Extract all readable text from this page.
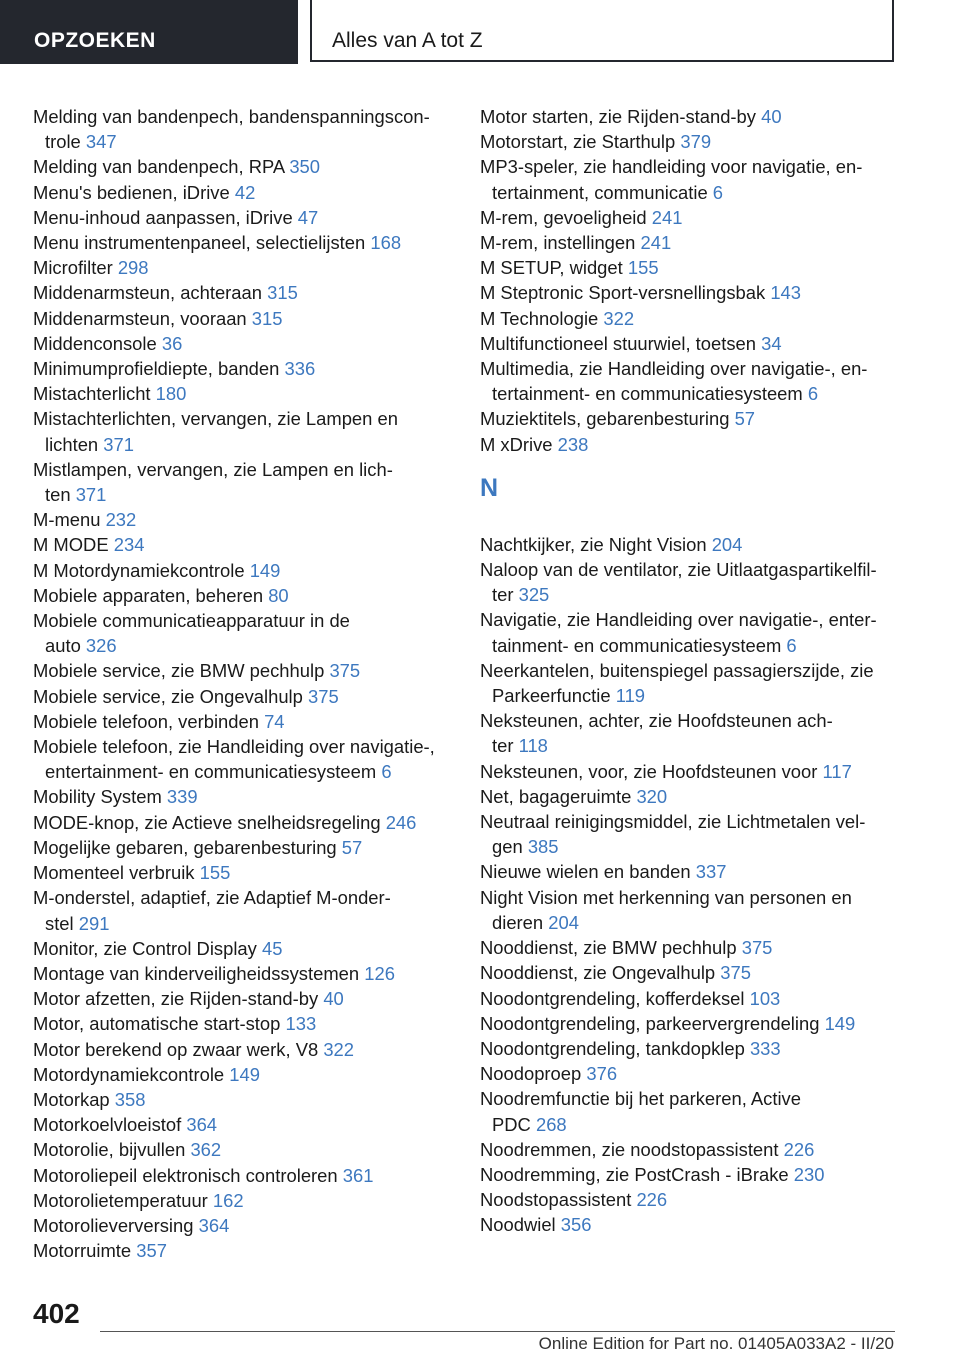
OPZOEKEN	Alles van A tot Z
Melding van bandenpech, bandenspanningscon-
trole 347
Melding van bandenpech, RPA 350
Menu's bedienen, iDrive 42
Menu-inhoud aanpassen, iDrive 47
Menu instrumentenpaneel, selectielijsten 168
Microfilter 298
Middenarmsteun, achteraan 315
Middenarmsteun, vooraan 315
Middenconsole 36
Minimumprofieldiepte, banden 336
Mistachterlicht 180
Mistachterlichten, vervangen, zie Lampen en
lichten 371
Mistlampen, vervangen, zie Lampen en lich-
ten 371
M-menu 232
M MODE 234
M Motordynamiekcontrole 149
Mobiele apparaten, beheren 80
Mobiele communicatieapparatuur in de
auto 326
Mobiele service, zie BMW pechhulp 375
Mobiele service, zie Ongevalhulp 375
Mobiele telefoon, verbinden 74
Mobiele telefoon, zie Handleiding over navigatie-,
entertainment- en communicatiesysteem 6
Mobility System 339
MODE-knop, zie Actieve snelheidsregeling 246
Mogelijke gebaren, gebarenbesturing 57
Momenteel verbruik 155
M-onderstel, adaptief, zie Adaptief M-onder-
stel 291
Monitor, zie Control Display 45
Montage van kinderveiligheidssystemen 126
Motor afzetten, zie Rijden-stand-by 40
Motor, automatische start-stop 133
Motor berekend op zwaar werk, V8 322
Motordynamiekcontrole 149
Motorkap 358
Motorkoelvloeistof 364
Motorolie, bijvullen 362
Motoroliepeil elektronisch controleren 361
Motorolietemperatuur 162
Motorolieverversing 364
Motorruimte 357
Motor starten, zie Rijden-stand-by 40
Motorstart, zie Starthulp 379
MP3-speler, zie handleiding voor navigatie, en-
tertainment, communicatie 6
M-rem, gevoeligheid 241
M-rem, instellingen 241
M SETUP, widget 155
M Steptronic Sport-versnellingsbak 143
M Technologie 322
Multifunctioneel stuurwiel, toetsen 34
Multimedia, zie Handleiding over navigatie-, en-
tertainment- en communicatiesysteem 6
Muziektitels, gebarenbesturing 57
M xDrive 238
N
Nachtkijker, zie Night Vision 204
Naloop van de ventilator, zie Uitlaatgaspartikelfil-
ter 325
Navigatie, zie Handleiding over navigatie-, enter-
tainment- en communicatiesysteem 6
Neerkantelen, buitenspiegel passagierszijde, zie
Parkeerfunctie 119
Neksteunen, achter, zie Hoofdsteunen ach-
ter 118
Neksteunen, voor, zie Hoofdsteunen voor 117
Net, bagageruimte 320
Neutraal reinigingsmiddel, zie Lichtmetalen vel-
gen 385
Nieuwe wielen en banden 337
Night Vision met herkenning van personen en
dieren 204
Nooddienst, zie BMW pechhulp 375
Nooddienst, zie Ongevalhulp 375
Noodontgrendeling, kofferdeksel 103
Noodontgrendeling, parkeervergrendeling 149
Noodontgrendeling, tankdopklep 333
Noodoproep 376
Noodremfunctie bij het parkeren, Active
PDC 268
Noodremmen, zie noodstopassistent 226
Noodremming, zie PostCrash - iBrake 230
Noodstopassistent 226
Noodwiel 356
402
Online Edition for Part no. 01405A033A2 - II/20
